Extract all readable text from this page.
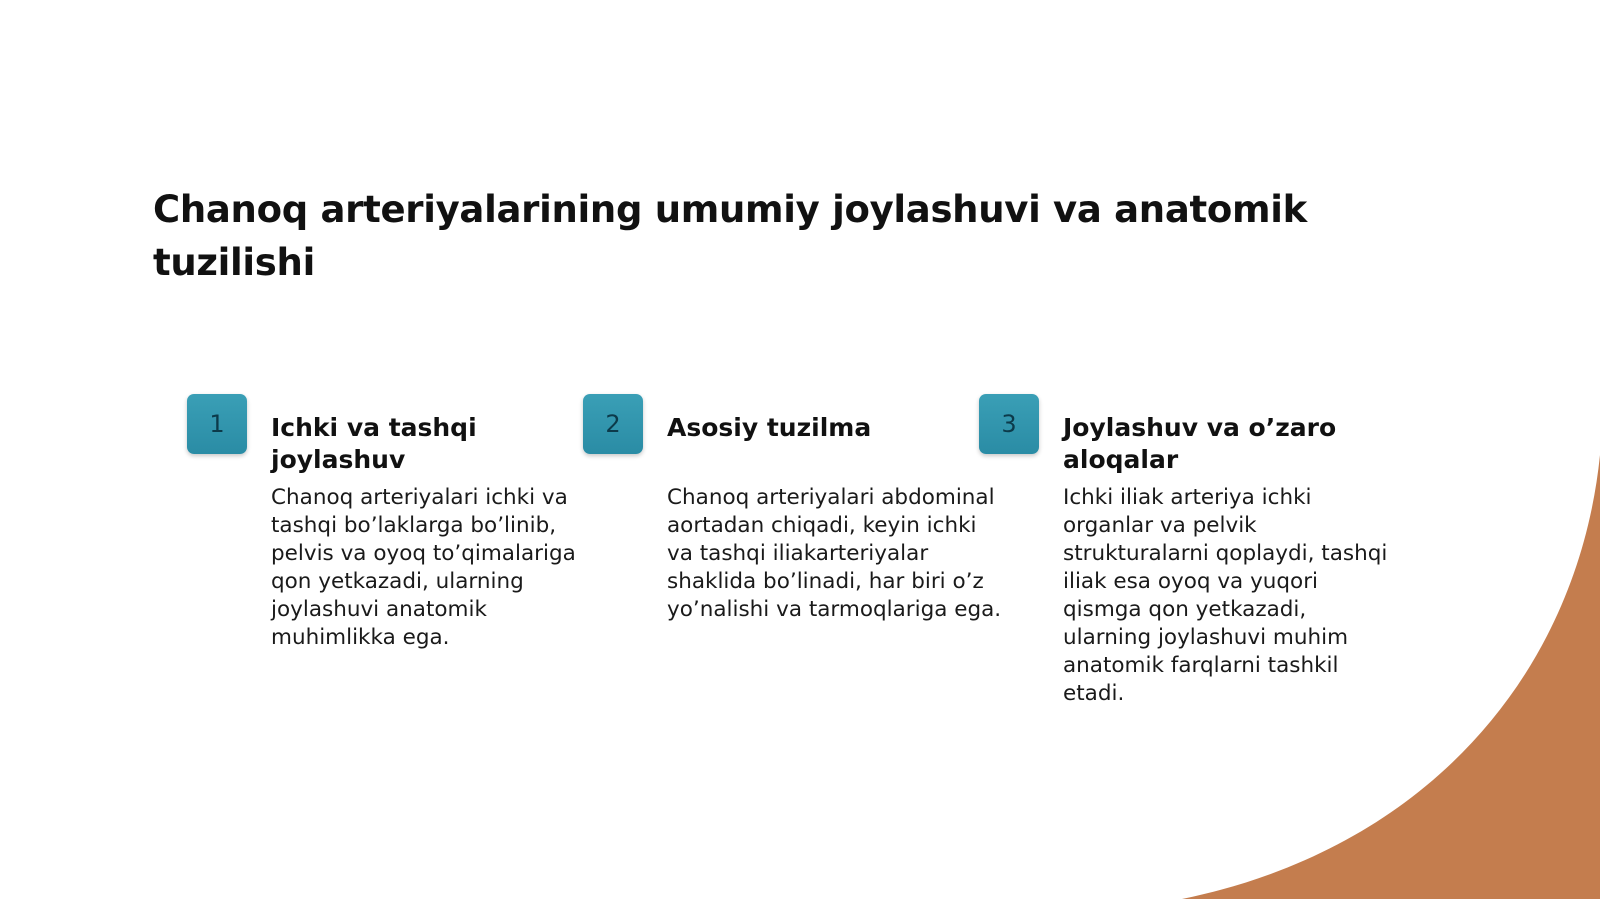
Chanoq arteriyalarining umumiy joylashuvi va anatomik tuzilishi
1	Ichki va tashqi joylashuv

Chanoq arteriyalari ichki va tashqi bo’laklarga bo’linib, pelvis va oyoq to’qimalariga qon yetkazadi, ularning joylashuvi anatomik muhimlikka ega.

2	Asosiy tuzilma

Chanoq arteriyalari abdominal aortadan chiqadi, keyin ichki va tashqi iliakarteriyalar shaklida bo’linadi, har biri o’z yo’nalishi va tarmoqlariga ega.

3	Joylashuv va o’zaro aloqalar

Ichki iliak arteriya ichki organlar va pelvik strukturalarni qoplaydi, tashqi iliak esa oyoq va yuqori qismga qon yetkazadi, ularning joylashuvi muhim anatomik farqlarni tashkil etadi.
